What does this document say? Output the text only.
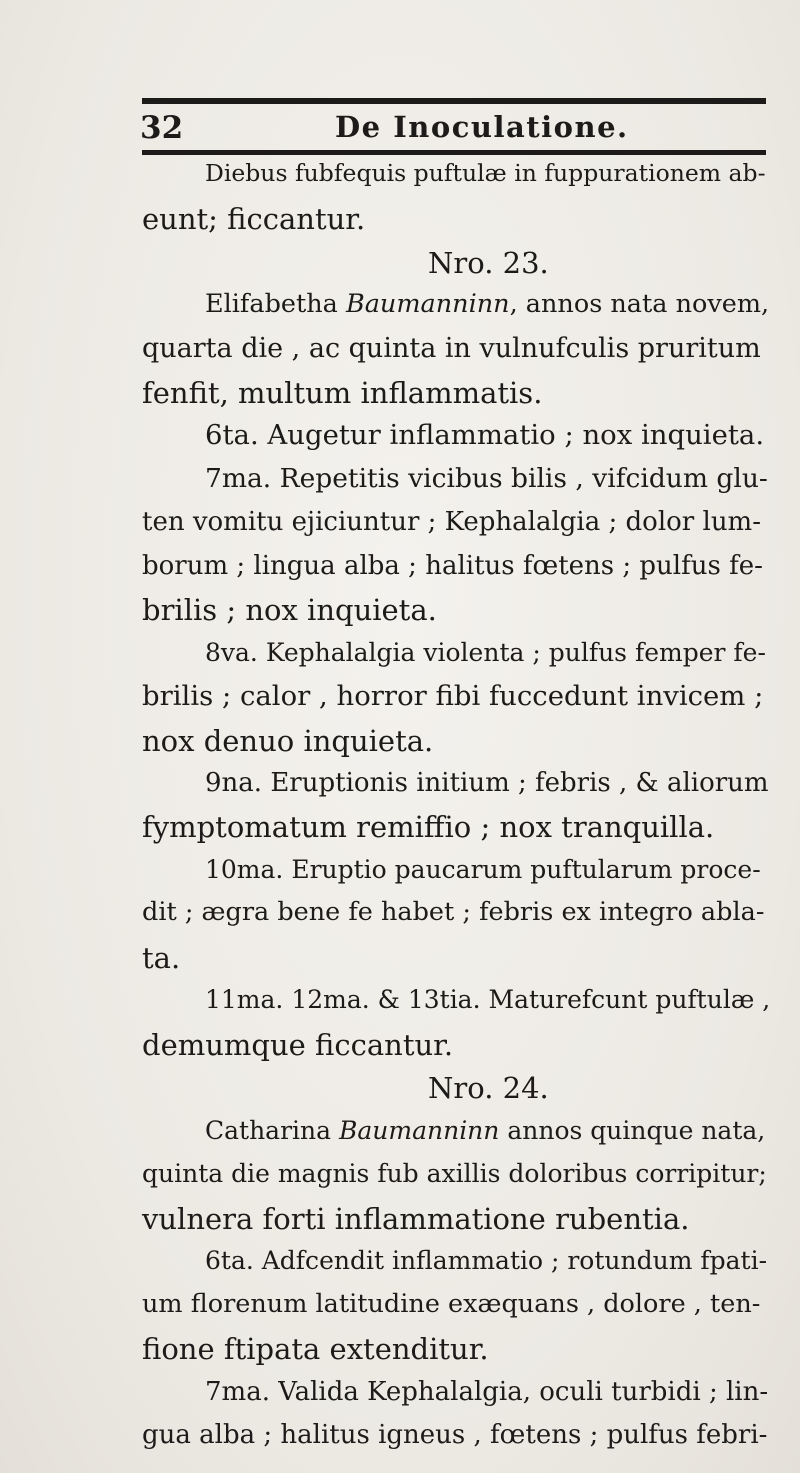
32	De Inoculatione.
Diebus fubfequis puftulæ in fuppurationem ab-
eunt; ficcantur.
Nro. 23.
Elifabetha Baumanninn, annos nata novem,
quarta die , ac quinta in vulnufculis pruritum
fenfit, multum inflammatis.
6ta. Augetur inflammatio ; nox inquieta.
7ma. Repetitis vicibus bilis , vifcidum glu-
ten vomitu ejiciuntur ; Kephalalgia ; dolor lum-
borum ; lingua alba ; halitus fœtens ; pulfus fe-
brilis ; nox inquieta.
8va. Kephalalgia violenta ; pulfus femper fe-
brilis ; calor , horror fibi fuccedunt invicem ;
nox denuo inquieta.
9na. Eruptionis initium ; febris , & aliorum
fymptomatum remiffio ; nox tranquilla.
10ma. Eruptio paucarum puftularum proce-
dit ; ægra bene fe habet ; febris ex integro abla-
ta.
11ma. 12ma. & 13tia. Maturefcunt puftulæ ,
demumque ficcantur.
Nro. 24.
Catharina Baumanninn annos quinque nata,
quinta die magnis fub axillis doloribus corripitur;
vulnera forti inflammatione rubentia.
6ta. Adfcendit inflammatio ; rotundum fpati-
um florenum latitudine exæquans , dolore , ten-
fione ftipata extenditur.
7ma. Valida Kephalalgia, oculi turbidi ; lin-
gua alba ; halitus igneus , fœtens ; pulfus febri-
